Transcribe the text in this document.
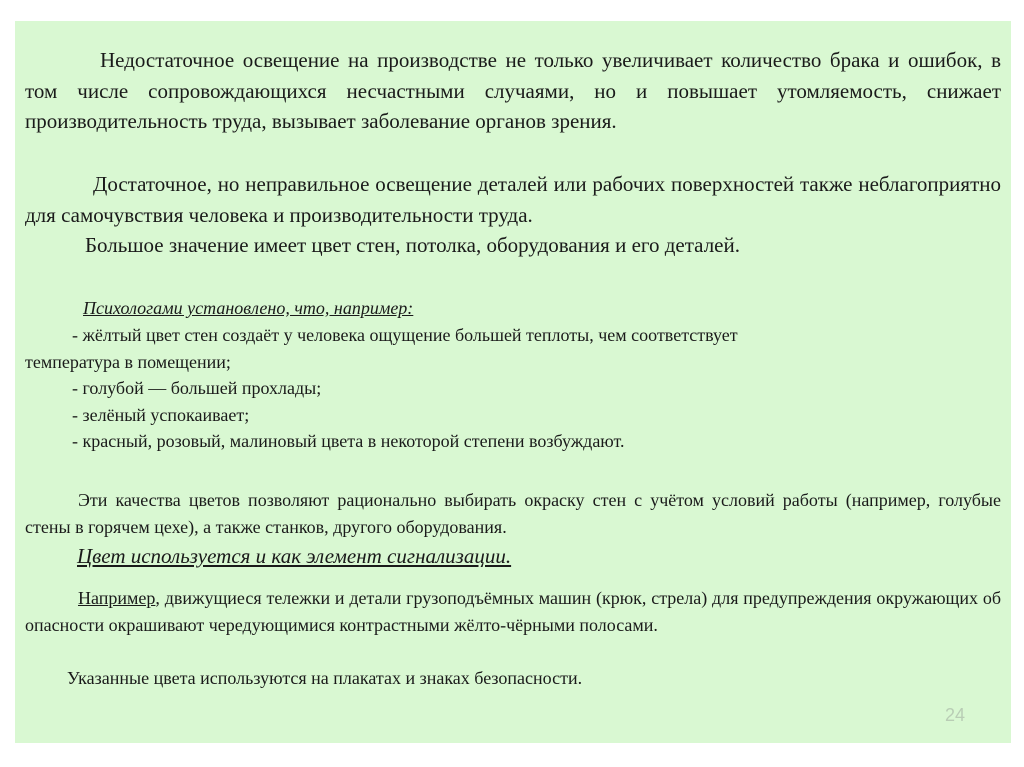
Недостаточное освещение на производстве не только увеличивает количество брака и ошибок, в том числе сопровождающихся несчастными случаями, но и повышает утомляемость, снижает производительность труда, вызывает заболевание органов зрения.

Достаточное, но неправильное освещение деталей или рабочих поверхностей также неблагоприятно для самочувствия человека и производительности труда.

Большое значение имеет цвет стен, потолка, оборудования и его деталей.

Психологами установлено, что, например:

- жёлтый цвет стен создаёт у человека ощущение большей теплоты, чем соответствует
температура в помещении;
- голубой — большей прохлады;
- зелёный успокаивает;
- красный, розовый, малиновый цвета в некоторой степени возбуждают.

Эти качества цветов позволяют рационально выбирать окраску стен с учётом условий работы (например, голубые стены в горячем цехе), а также станков, другого оборудования.

Цвет используется и как элемент сигнализации.

Например, движущиеся тележки и детали грузоподъёмных машин (крюк, стрела) для предупреждения окружающих об опасности окрашивают чередующимися контрастными жёлто-чёрными полосами.

Указанные цвета используются на плакатах и знаках безопасности.

24
